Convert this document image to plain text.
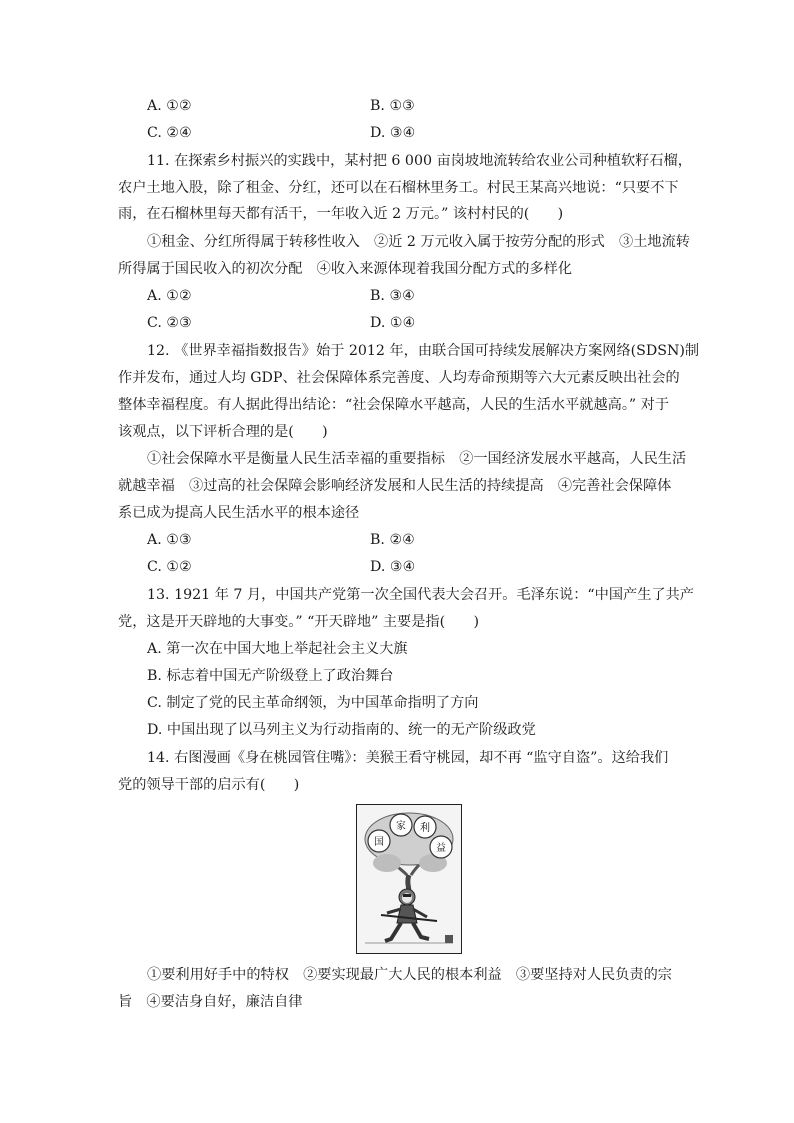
A. ①②	B. ①③
C. ②④	D. ③④
11. 在探索乡村振兴的实践中，某村把 6 000 亩岗坡地流转给农业公司种植软籽石榴，
农户土地入股，除了租金、分红，还可以在石榴林里务工。村民王某高兴地说：“只要不下
雨，在石榴林里每天都有活干，一年收入近 2 万元。” 该村村民的(　　)
①租金、分红所得属于转移性收入　②近 2 万元收入属于按劳分配的形式　③土地流转
所得属于国民收入的初次分配　④收入来源体现着我国分配方式的多样化
A. ①②	B. ③④
C. ②③	D. ①④
12. 《世界幸福指数报告》始于 2012 年，由联合国可持续发展解决方案网络(SDSN)制
作并发布，通过人均 GDP、社会保障体系完善度、人均寿命预期等六大元素反映出社会的
整体幸福程度。有人据此得出结论：“社会保障水平越高，人民的生活水平就越高。” 对于
该观点，以下评析合理的是(　　)
①社会保障水平是衡量人民生活幸福的重要指标　②一国经济发展水平越高，人民生活
就越幸福　③过高的社会保障会影响经济发展和人民生活的持续提高　④完善社会保障体
系已成为提高人民生活水平的根本途径
A. ①③	B. ②④
C. ①②	D. ③④
13. 1921 年 7 月，中国共产党第一次全国代表大会召开。毛泽东说：“中国产生了共产
党，这是开天辟地的大事变。” “开天辟地” 主要是指(　　)
A. 第一次在中国大地上举起社会主义大旗
B. 标志着中国无产阶级登上了政治舞台
C. 制定了党的民主革命纲领，为中国革命指明了方向
D. 中国出现了以马列主义为行动指南的、统一的无产阶级政党
14. 右图漫画《身在桃园管住嘴》：美猴王看守桃园，却不再 “监守自盗”。这给我们
党的领导干部的启示有(　　)
国
家 利
益
①要利用好手中的特权　②要实现最广大人民的根本利益　③要坚持对人民负责的宗
旨　④要洁身自好，廉洁自律
